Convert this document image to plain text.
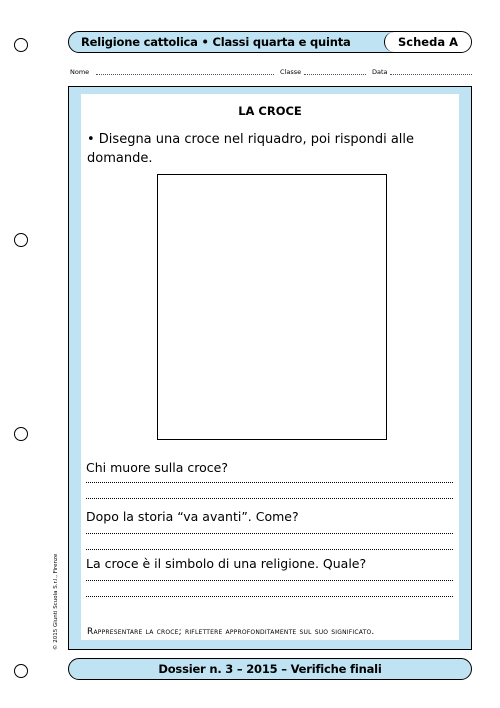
Religione cattolica • Classi quarta e quinta	Scheda A
Nome	Classe	Data
LA CROCE
• Disegna una croce nel riquadro, poi rispondi alle domande.
Chi muore sulla croce?
Dopo la storia “va avanti”. Come?
La croce è il simbolo di una religione. Quale?
Rappresentare la croce; riflettere approfonditamente sul suo significato.
© 2015 Giunti Scuola S.r.l., Firenze
Dossier n. 3 – 2015 – Verifiche finali
